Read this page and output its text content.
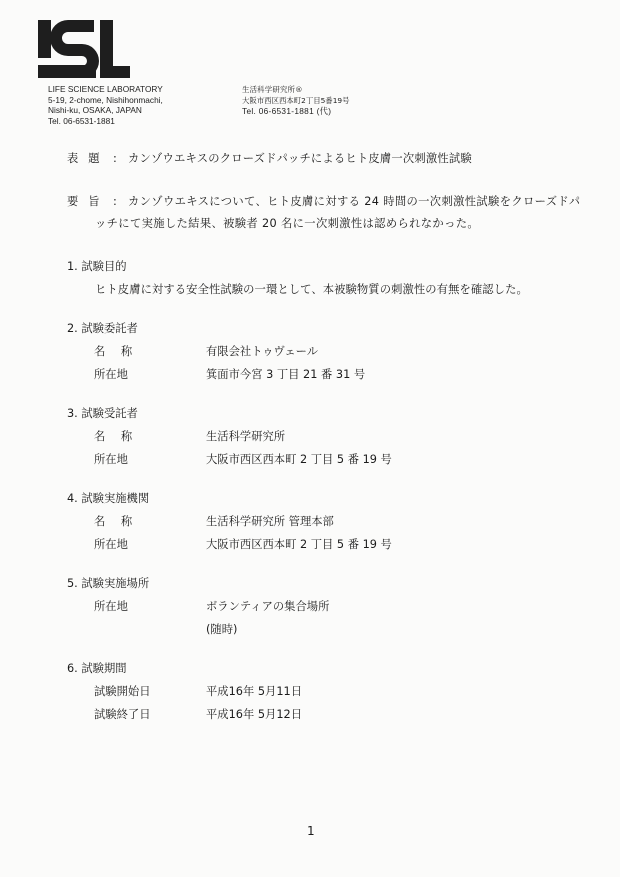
LIFE SCIENCE LABORATORY
5-19, 2-chome, Nishihonmachi,
Nishi-ku, OSAKA, JAPAN
Tel. 06-6531-1881
生活科学研究所®
大阪市西区西本町2丁目5番19号
Tel. 06-6531-1881 (代)
表題 : カンゾウエキスのクローズドパッチによるヒト皮膚一次刺激性試験
要旨 : カンゾウエキスについて、ヒト皮膚に対する 24 時間の一次刺激性試験をクローズドパ
ッチにて実施した結果、被験者 20 名に一次刺激性は認められなかった。
1. 試験目的
ヒト皮膚に対する安全性試験の一環として、本被験物質の刺激性の有無を確認した。
2. 試験委託者
名 称	有限会社トゥヴェール
所在地	箕面市今宮 3 丁目 21 番 31 号
3. 試験受託者
名 称	生活科学研究所
所在地	大阪市西区西本町 2 丁目 5 番 19 号
4. 試験実施機関
名 称	生活科学研究所 管理本部
所在地	大阪市西区西本町 2 丁目 5 番 19 号
5. 試験実施場所
所在地	ボランティアの集合場所
(随時)
6. 試験期間
試験開始日	平成16年 5月11日
試験終了日	平成16年 5月12日
1
